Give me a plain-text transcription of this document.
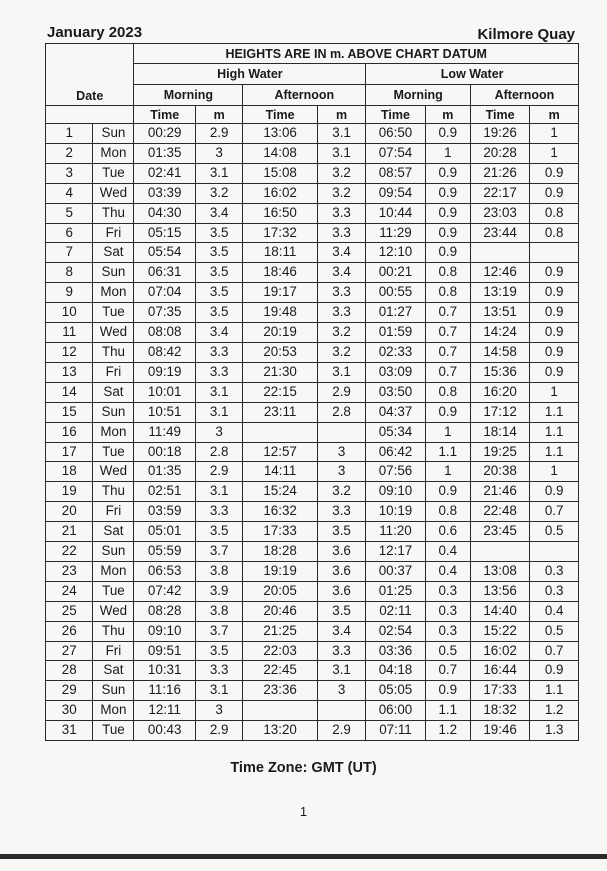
January 2023	Kilmore Quay
Date		HEIGHTS ARE IN m. ABOVE CHART DATUM							
		High Water				Low Water			
		Morning		Afternoon		Morning		Afternoon	
		Time	m	Time	m	Time	m	Time	m
1	Sun	00:29	2.9	13:06	3.1	06:50	0.9	19:26	1
2	Mon	01:35	3	14:08	3.1	07:54	1	20:28	1
3	Tue	02:41	3.1	15:08	3.2	08:57	0.9	21:26	0.9
4	Wed	03:39	3.2	16:02	3.2	09:54	0.9	22:17	0.9
5	Thu	04:30	3.4	16:50	3.3	10:44	0.9	23:03	0.8
6	Fri	05:15	3.5	17:32	3.3	11:29	0.9	23:44	0.8
7	Sat	05:54	3.5	18:11	3.4	12:10	0.9		
8	Sun	06:31	3.5	18:46	3.4	00:21	0.8	12:46	0.9
9	Mon	07:04	3.5	19:17	3.3	00:55	0.8	13:19	0.9
10	Tue	07:35	3.5	19:48	3.3	01:27	0.7	13:51	0.9
11	Wed	08:08	3.4	20:19	3.2	01:59	0.7	14:24	0.9
12	Thu	08:42	3.3	20:53	3.2	02:33	0.7	14:58	0.9
13	Fri	09:19	3.3	21:30	3.1	03:09	0.7	15:36	0.9
14	Sat	10:01	3.1	22:15	2.9	03:50	0.8	16:20	1
15	Sun	10:51	3.1	23:11	2.8	04:37	0.9	17:12	1.1
16	Mon	11:49	3			05:34	1	18:14	1.1
17	Tue	00:18	2.8	12:57	3	06:42	1.1	19:25	1.1
18	Wed	01:35	2.9	14:11	3	07:56	1	20:38	1
19	Thu	02:51	3.1	15:24	3.2	09:10	0.9	21:46	0.9
20	Fri	03:59	3.3	16:32	3.3	10:19	0.8	22:48	0.7
21	Sat	05:01	3.5	17:33	3.5	11:20	0.6	23:45	0.5
22	Sun	05:59	3.7	18:28	3.6	12:17	0.4		
23	Mon	06:53	3.8	19:19	3.6	00:37	0.4	13:08	0.3
24	Tue	07:42	3.9	20:05	3.6	01:25	0.3	13:56	0.3
25	Wed	08:28	3.8	20:46	3.5	02:11	0.3	14:40	0.4
26	Thu	09:10	3.7	21:25	3.4	02:54	0.3	15:22	0.5
27	Fri	09:51	3.5	22:03	3.3	03:36	0.5	16:02	0.7
28	Sat	10:31	3.3	22:45	3.1	04:18	0.7	16:44	0.9
29	Sun	11:16	3.1	23:36	3	05:05	0.9	17:33	1.1
30	Mon	12:11	3			06:00	1.1	18:32	1.2
31	Tue	00:43	2.9	13:20	2.9	07:11	1.2	19:46	1.3
Time Zone: GMT (UT)
1
